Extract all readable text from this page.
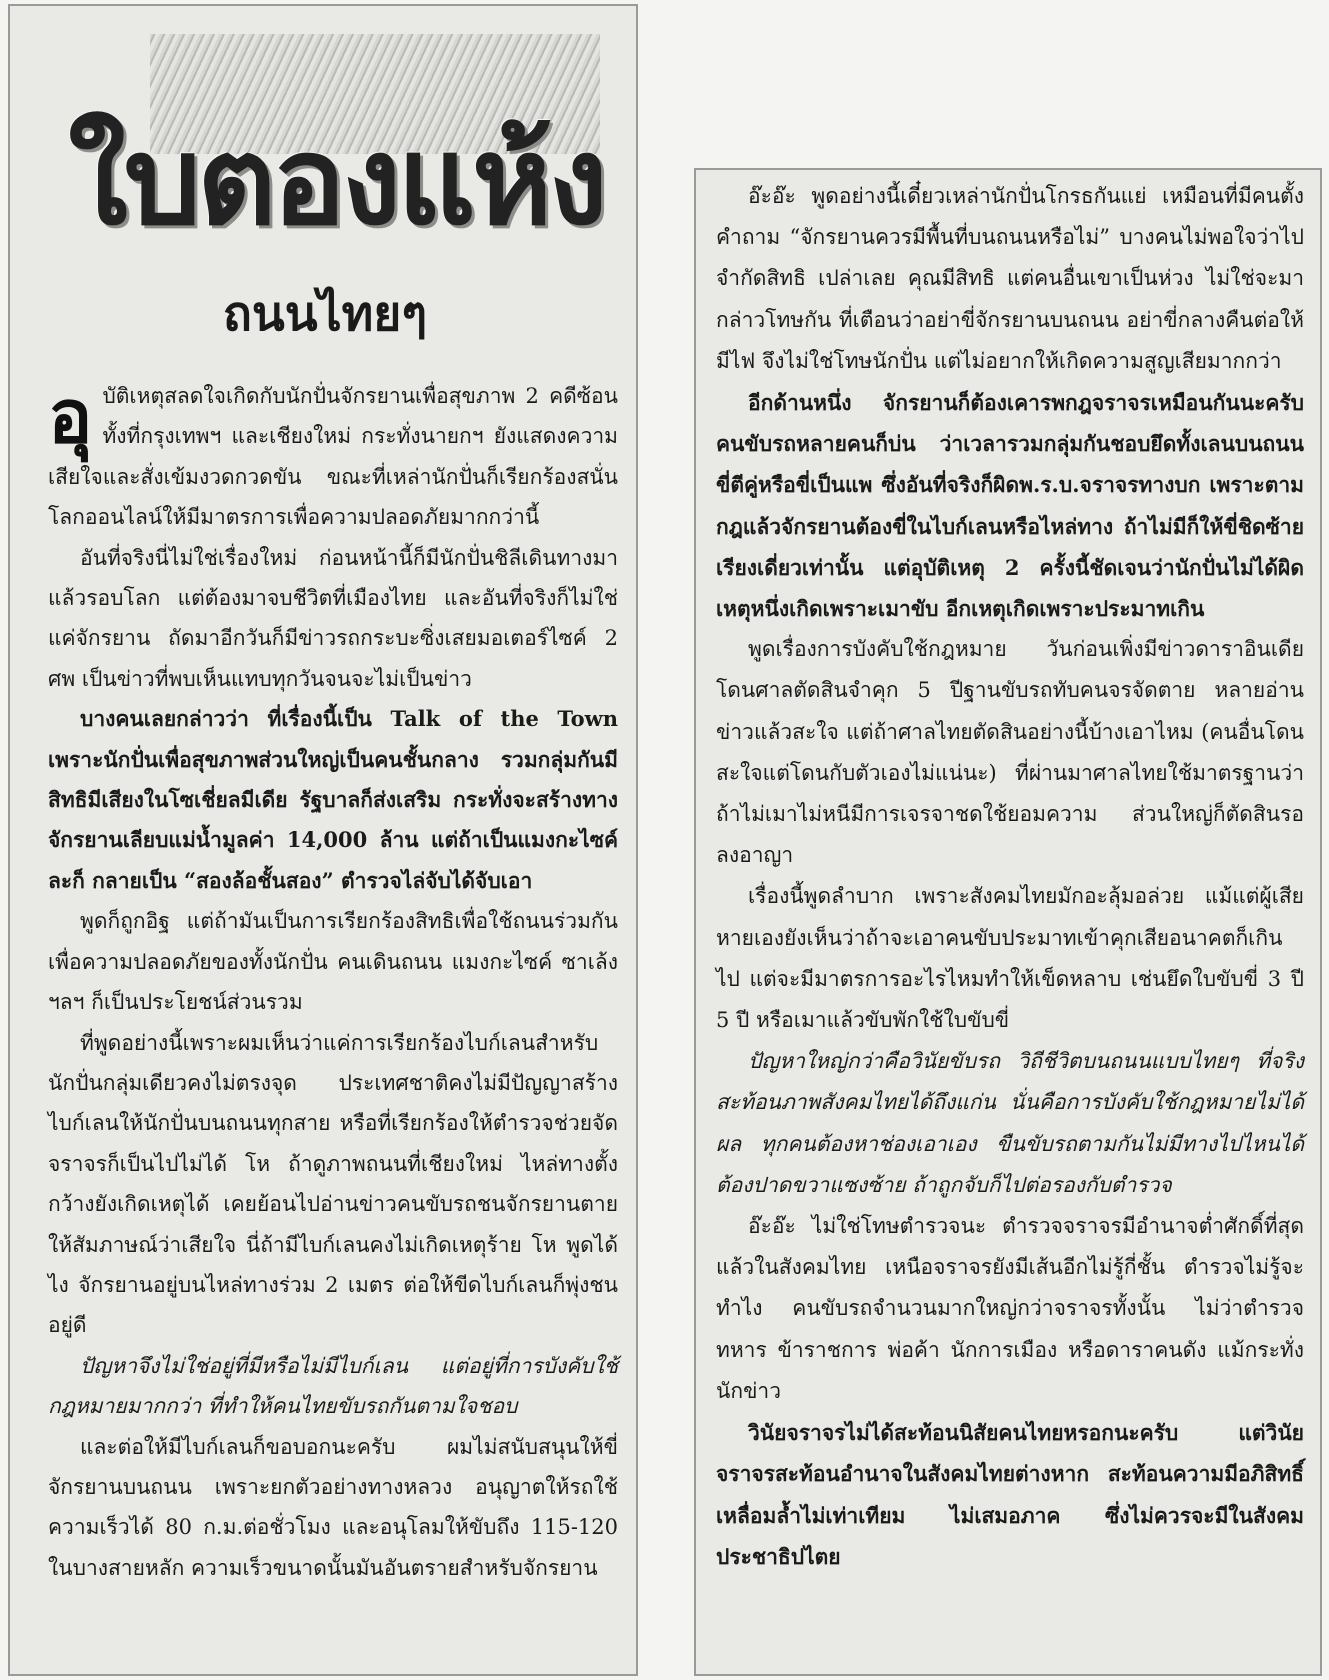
ใบตองแห้ง
ถนนไทยๆ

อุบัติเหตุสลดใจเกิดกับนักปั่นจักรยานเพื่อสุขภาพ 2 คดีซ้อนทั้งที่กรุงเทพฯ และเชียงใหม่ กระทั่งนายกฯ ยังแสดงความเสียใจและสั่งเข้มงวดกวดขัน ขณะที่เหล่านักปั่นก็เรียกร้องสนั่นโลกออนไลน์ให้มีมาตรการเพื่อความปลอดภัยมากกว่านี้

อันที่จริงนี่ไม่ใช่เรื่องใหม่ ก่อนหน้านี้ก็มีนักปั่นชิลีเดินทางมาแล้วรอบโลก แต่ต้องมาจบชีวิตที่เมืองไทย และอันที่จริงก็ไม่ใช่แค่จักรยาน ถัดมาอีกวันก็มีข่าวรถกระบะซิ่งเสยมอเตอร์ไซค์ 2 ศพ เป็นข่าวที่พบเห็นแทบทุกวันจนจะไม่เป็นข่าว

บางคนเลยกล่าวว่า ที่เรื่องนี้เป็น Talk of the Town เพราะนักปั่นเพื่อสุขภาพส่วนใหญ่เป็นคนชั้นกลาง รวมกลุ่มกันมีสิทธิมีเสียงในโซเชี่ยลมีเดีย รัฐบาลก็ส่งเสริม กระทั่งจะสร้างทางจักรยานเลียบแม่น้ำมูลค่า 14,000 ล้าน แต่ถ้าเป็นแมงกะไซค์ละก็ กลายเป็น “สองล้อชั้นสอง” ตำรวจไล่จับได้จับเอา

พูดก็ถูกอิฐ แต่ถ้ามันเป็นการเรียกร้องสิทธิเพื่อใช้ถนนร่วมกัน เพื่อความปลอดภัยของทั้งนักปั่น คนเดินถนน แมงกะไซค์ ซาเล้ง ฯลฯ ก็เป็นประโยชน์ส่วนรวม

ที่พูดอย่างนี้เพราะผมเห็นว่าแค่การเรียกร้องไบก์เลนสำหรับนักปั่นกลุ่มเดียวคงไม่ตรงจุด ประเทศชาติคงไม่มีปัญญาสร้างไบก์เลนให้นักปั่นบนถนนทุกสาย หรือที่เรียกร้องให้ตำรวจช่วยจัดจราจรก็เป็นไปไม่ได้ โห ถ้าดูภาพถนนที่เชียงใหม่ ไหล่ทางตั้งกว้างยังเกิดเหตุได้ เคยย้อนไปอ่านข่าวคนขับรถชนจักรยานตาย ให้สัมภาษณ์ว่าเสียใจ นี่ถ้ามีไบก์เลนคงไม่เกิดเหตุร้าย โห พูดได้ไง จักรยานอยู่บนไหล่ทางร่วม 2 เมตร ต่อให้ขีดไบก์เลนก็พุ่งชนอยู่ดี

ปัญหาจึงไม่ใช่อยู่ที่มีหรือไม่มีไบก์เลน แต่อยู่ที่การบังคับใช้กฎหมายมากกว่า ที่ทำให้คนไทยขับรถกันตามใจชอบ

และต่อให้มีไบก์เลนก็ขอบอกนะครับ ผมไม่สนับสนุนให้ขี่จักรยานบนถนน เพราะยกตัวอย่างทางหลวง อนุญาตให้รถใช้ความเร็วได้ 80 ก.ม.ต่อชั่วโมง และอนุโลมให้ขับถึง 115-120 ในบางสายหลัก ความเร็วขนาดนั้นมันอันตรายสำหรับจักรยาน

อ๊ะอ๊ะ พูดอย่างนี้เดี๋ยวเหล่านักปั่นโกรธกันแย่ เหมือนที่มีคนตั้งคำถาม “จักรยานควรมีพื้นที่บนถนนหรือไม่” บางคนไม่พอใจว่าไปจำกัดสิทธิ เปล่าเลย คุณมีสิทธิ แต่คนอื่นเขาเป็นห่วง ไม่ใช่จะมากล่าวโทษกัน ที่เตือนว่าอย่าขี่จักรยานบนถนน อย่าขี่กลางคืนต่อให้มีไฟ จึงไม่ใช่โทษนักปั่น แต่ไม่อยากให้เกิดความสูญเสียมากกว่า

อีกด้านหนึ่ง จักรยานก็ต้องเคารพกฎจราจรเหมือนกันนะครับ คนขับรถหลายคนก็บ่น ว่าเวลารวมกลุ่มกันชอบยึดทั้งเลนบนถนน ขี่ตีคู่หรือขี่เป็นแพ ซึ่งอันที่จริงก็ผิดพ.ร.บ.จราจรทางบก เพราะตามกฎแล้วจักรยานต้องขี่ในไบก์เลนหรือไหล่ทาง ถ้าไม่มีก็ให้ขี่ชิดซ้ายเรียงเดี่ยวเท่านั้น แต่อุบัติเหตุ 2 ครั้งนี้ชัดเจนว่านักปั่นไม่ได้ผิด เหตุหนึ่งเกิดเพราะเมาขับ อีกเหตุเกิดเพราะประมาทเกิน

พูดเรื่องการบังคับใช้กฎหมาย วันก่อนเพิ่งมีข่าวดาราอินเดียโดนศาลตัดสินจำคุก 5 ปีฐานขับรถทับคนจรจัดตาย หลายอ่านข่าวแล้วสะใจ แต่ถ้าศาลไทยตัดสินอย่างนี้บ้างเอาไหม (คนอื่นโดนสะใจแต่โดนกับตัวเองไม่แน่นะ) ที่ผ่านมาศาลไทยใช้มาตรฐานว่าถ้าไม่เมาไม่หนีมีการเจรจาชดใช้ยอมความ ส่วนใหญ่ก็ตัดสินรอลงอาญา

เรื่องนี้พูดลำบาก เพราะสังคมไทยมักอะลุ้มอล่วย แม้แต่ผู้เสียหายเองยังเห็นว่าถ้าจะเอาคนขับประมาทเข้าคุกเสียอนาคตก็เกินไป แต่จะมีมาตรการอะไรไหมทำให้เข็ดหลาบ เช่นยึดใบขับขี่ 3 ปี 5 ปี หรือเมาแล้วขับพักใช้ใบขับขี่

ปัญหาใหญ่กว่าคือวินัยขับรถ วิถีชีวิตบนถนนแบบไทยๆ ที่จริงสะท้อนภาพสังคมไทยได้ถึงแก่น นั่นคือการบังคับใช้กฎหมายไม่ได้ผล ทุกคนต้องหาช่องเอาเอง ขืนขับรถตามกันไม่มีทางไปไหนได้ต้องปาดขวาแซงซ้าย ถ้าถูกจับก็ไปต่อรองกับตำรวจ

อ๊ะอ๊ะ ไม่ใช่โทษตำรวจนะ ตำรวจจราจรมีอำนาจต่ำศักดิ์ที่สุดแล้วในสังคมไทย เหนือจราจรยังมีเส้นอีกไม่รู้กี่ชั้น ตำรวจไม่รู้จะทำไง คนขับรถจำนวนมากใหญ่กว่าจราจรทั้งนั้น ไม่ว่าตำรวจ ทหาร ข้าราชการ พ่อค้า นักการเมือง หรือดาราคนดัง แม้กระทั่งนักข่าว

วินัยจราจรไม่ได้สะท้อนนิสัยคนไทยหรอกนะครับ แต่วินัยจราจรสะท้อนอำนาจในสังคมไทยต่างหาก สะท้อนความมีอภิสิทธิ์เหลื่อมล้ำไม่เท่าเทียม ไม่เสมอภาค ซึ่งไม่ควรจะมีในสังคมประชาธิปไตย
